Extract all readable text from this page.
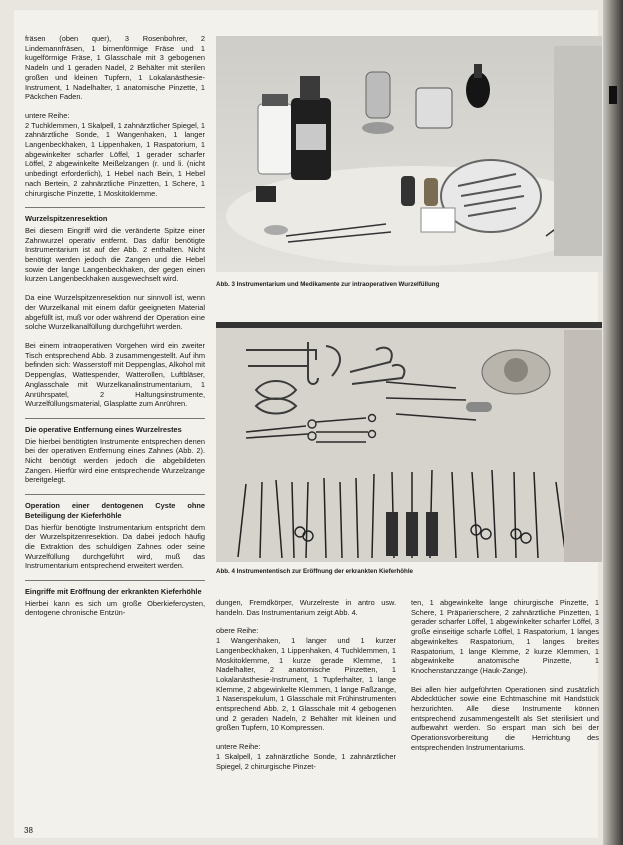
fräsen (oben quer), 3 Rosenbohrer, 2 Lindemannfräsen, 1 birnenförmige Fräse und 1 kugelförmige Fräse, 1 Glasschale mit 3 gebogenen Nadeln und 1 geraden Nadel, 2 Behälter mit sterilen großen und kleinen Tupfern, 1 Lokalanästhesie-Instrument, 1 Nadelhalter, 1 anatomische Pinzette, 1 Päckchen Faden.

untere Reihe:

2 Tuchklemmen, 1 Skalpell, 1 zahnärztlicher Spiegel, 1 zahnärztliche Sonde, 1 Wangenhaken, 1 langer Langenbeckhaken, 1 Lippenhaken, 1 Raspatorium, 1 abgewinkelter scharfer Löffel, 1 gerader scharfer Löffel, 2 abgewinkelte Meißelzangen (r. und li. (nicht unbedingt erforderlich), 1 Hebel nach Bein, 1 Hebel nach Bertein, 2 zahnärztliche Pinzetten, 1 Schere, 1 chirurgische Pinzette, 1 Moskitoklemme.

Wurzelspitzenresektion

Bei diesem Eingriff wird die veränderte Spitze einer Zahnwurzel operativ entfernt. Das dafür benötigte Instrumentarium ist auf der Abb. 2 enthalten. Nicht benötigt werden jedoch die Zangen und die Hebel sowie der lange Langenbeckhaken, der gegen einen kurzen Langenbeckhaken ausgewechselt wird.

Da eine Wurzelspitzenresektion nur sinnvoll ist, wenn der Wurzelkanal mit einem dafür geeigneten Material abgefüllt ist, muß vor oder während der Operation eine solche Wurzelkanalfüllung durchgeführt werden.

Bei einem intraoperativen Vorgehen wird ein zweiter Tisch entsprechend Abb. 3 zusammengestellt. Auf ihm befinden sich: Wasserstoff mit Deppenglas, Alkohol mit Deppenglas, Wattespender, Watterollen, Luftbläser, Anglasschale mit Wurzelkanalinstrumentarium, 1 Anrührspatel, 2 Haltungsinstrumente, Wurzelfüllungsmaterial, Glasplatte zum Anrühren.

Die operative Entfernung eines Wurzelrestes

Die hierbei benötigten Instrumente entsprechen denen bei der operativen Entfernung eines Zahnes (Abb. 2). Nicht benötigt werden jedoch die abgebildeten Zangen. Hierfür wird eine entsprechende Wurzelzange bereitgelegt.

Operation einer dentogenen Cyste ohne Beteiligung der Kieferhöhle

Das hierfür benötigte Instrumentarium entspricht dem der Wurzelspitzenresektion. Da dabei jedoch häufig die Extraktion des schuldigen Zahnes oder seine Wurzelfüllung durchgeführt wird, muß das Instrumentarium entsprechend erweitert werden.

Eingriffe mit Eröffnung der erkrankten Kieferhöhle

Hierbei kann es sich um große Oberkiefercysten, dentogene chronische Entzün-

Abb. 3 Instrumentarium und Medikamente zur intraoperativen Wurzelfüllung
Abb. 4 Instrumententisch zur Eröffnung der erkrankten Kieferhöhle

dungen, Fremdkörper, Wurzelreste in antro usw. handeln. Das Instrumentarium zeigt Abb. 4.

obere Reihe:

1 Wangenhaken, 1 langer und 1 kurzer Langenbeckhaken, 1 Lippenhaken, 4 Tuchklemmen, 1 Moskitoklemme, 1 kurze gerade Klemme, 1 Nadelhalter, 2 anatomische Pinzetten, 1 Lokalanästhesie-Instrument, 1 Tupferhalter, 1 lange Klemme, 2 abgewinkelte Klemmen, 1 lange Faßzange, 1 Nasenspekulum, 1 Glasschale mit Frühinstrumenten entsprechend Abb. 2, 1 Glasschale mit 4 gebogenen und 2 geraden Nadeln, 2 Behälter mit kleinen und großen Tupfern, 10 Kompressen.

untere Reihe:

1 Skalpell, 1 zahnärztliche Sonde, 1 zahnärztlicher Spiegel, 2 chirurgische Pinzet-

ten, 1 abgewinkelte lange chirurgische Pinzette, 1 Schere, 1 Präparierschere, 2 zahnärztliche Pinzetten, 1 gerader scharfer Löffel, 1 abgewinkelter scharfer Löffel, 3 große einseitige scharfe Löffel, 1 Raspatorium, 1 langes abgewinkeltes Raspatorium, 1 langes breites Raspatorium, 1 lange Klemme, 2 kurze Klemmen, 1 abgewinkelte anatomische Pinzette, 1 Knochenstanzzange (Hauk-Zange).

Bei allen hier aufgeführten Operationen sind zusätzlich Abdecktücher sowie eine Echtmaschine mit Handstück herzurichten. Alle diese Instrumente können entsprechend zusammengestellt als Set sterilisiert und aufbewahrt werden. So erspart man sich bei der Operationsvorbereitung die Herrichtung des entsprechenden Instrumentariums.

38
